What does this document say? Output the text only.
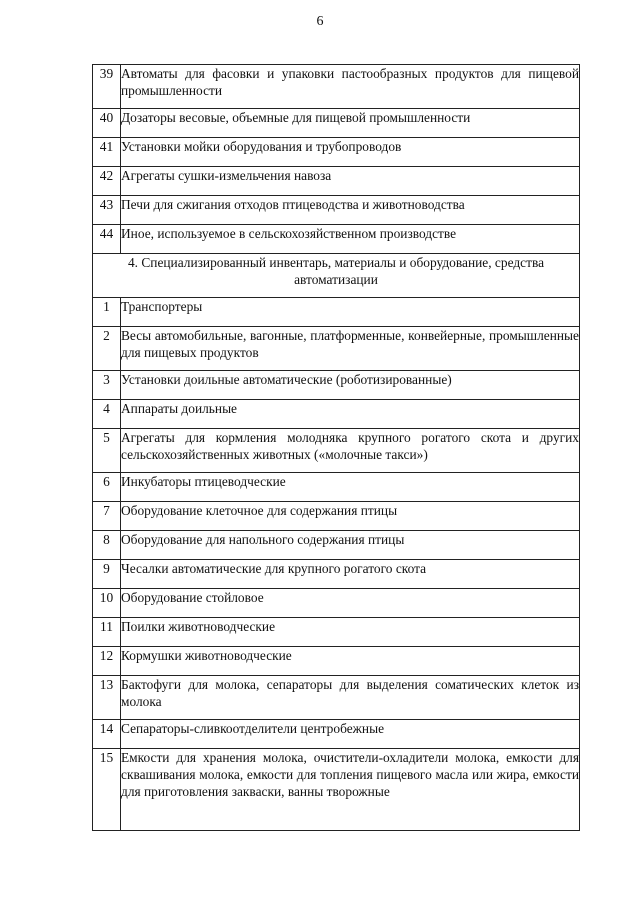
6
39	Автоматы для фасовки и упаковки пастообразных продуктов для пищевой промышленности
40	Дозаторы весовые, объемные для пищевой промышленности
41	Установки мойки оборудования и трубопроводов
42	Агрегаты сушки-измельчения навоза
43	Печи для сжигания отходов птицеводства и животноводства
44	Иное, используемое в сельскохозяйственном производстве
4. Специализированный инвентарь, материалы и оборудование, средства автоматизации	
1	Транспортеры
2	Весы автомобильные, вагонные, платформенные, конвейерные, промышленные для пищевых продуктов
3	Установки доильные автоматические (роботизированные)
4	Аппараты доильные
5	Агрегаты для кормления молодняка крупного рогатого скота и других сельскохозяйственных животных («молочные такси»)
6	Инкубаторы птицеводческие
7	Оборудование клеточное для содержания птицы
8	Оборудование для напольного содержания птицы
9	Чесалки автоматические для крупного рогатого скота
10	Оборудование стойловое
11	Поилки животноводческие
12	Кормушки животноводческие
13	Бактофуги для молока, сепараторы для выделения соматических клеток из молока
14	Сепараторы-сливкоотделители центробежные
15	Емкости для хранения молока, очистители-охладители молока, емкости для сквашивания молока, емкости для топления пищевого масла или жира, емкости для приготовления закваски, ванны творожные
